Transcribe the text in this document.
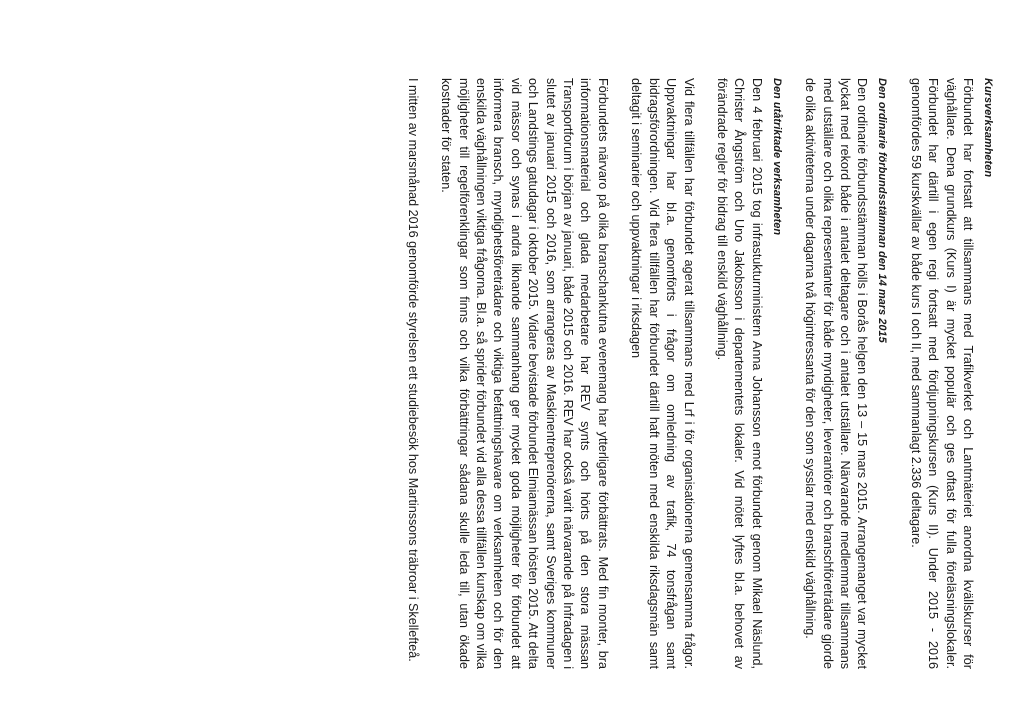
Kursverksamheten

Förbundet har fortsatt att tillsammans med Trafikverket och Lantmäteriet anordna kvällskurser för väghållare. Dena grundkurs (Kurs I) är mycket populär och ges oftast för fulla föreläsningslokaler. Förbundet har därtill i egen regi fortsatt med fördjupningskursen (Kurs II). Under 2015 - 2016 genomfördes 59 kurskvällar av både kurs I och II, med sammanlagt 2.336 deltagare.

Den ordinarie förbundsstämman den 14 mars 2015

Den ordinarie förbundsstämman hölls i Borås helgen den 13 – 15 mars 2015. Arrangemanget var mycket lyckat med rekord både i antalet deltagare och i antalet utställare. Närvarande medlemmar tillsammans med utställare och olika representanter för både myndigheter, leverantörer och branschföreträdare gjorde de olika aktiviteterna under dagarna två högintressanta för den som sysslar med enskild väghållning.

Den utåtriktade verksamheten

Den 4 februari 2015 tog infrastukturministern Anna Johansson emot förbundet genom Mikael Näslund, Christer Ångström och Uno Jakobsson i departementets lokaler. Vid mötet lyftes bl.a. behovet av förändrade regler för bidrag till enskild väghållning.

Vid flera tillfällen har förbundet agerat tillsammans med Lrf i för organisationerna gemensamma frågor. Uppvaktningar har bl.a. genomförts i frågor om omledning av trafik, 74 tonsfrågan samt bidragsförordningen. Vid flera tillfällen har förbundet därtill haft möten med enskilda riksdagsmän samt deltagit i seminarier och uppvaktningar i riksdagen

Förbundets närvaro på olika branschankutna evenemang har ytterligare förbättrats. Med fin monter, bra informationsmaterial och glada medarbetare har REV synts och hörts på den stora mässan Transportforum i början av januari, både 2015 och 2016. REV har också varit närvarande på Infradagen i slutet av januari 2015 och 2016, som arrangeras av Maskinentreprenörerna, samt Sveriges kommuner och Landstings gatudagar i oktober 2015. Vidare bevistade förbundet Elmiamässan hösten 2015. Att delta vid mässor och synas i andra liknande sammanhang ger mycket goda möjligheter för förbundet att informera bransch, myndighetsföreträdare och viktiga befattningshavare om verksamheten och för den enskilda väghållningen viktiga frågorna. Bl.a. så sprider förbundet vid alla dessa tillfällen kunskap om vilka möjligheter till regelförenklingar som finns och vilka förbättringar sådana skulle leda till, utan ökade kostnader för staten.

I mitten av marsmånad 2016 genomförde styrelsen ett studiebesök hos Martinssons träbroar i Skellefteå.
